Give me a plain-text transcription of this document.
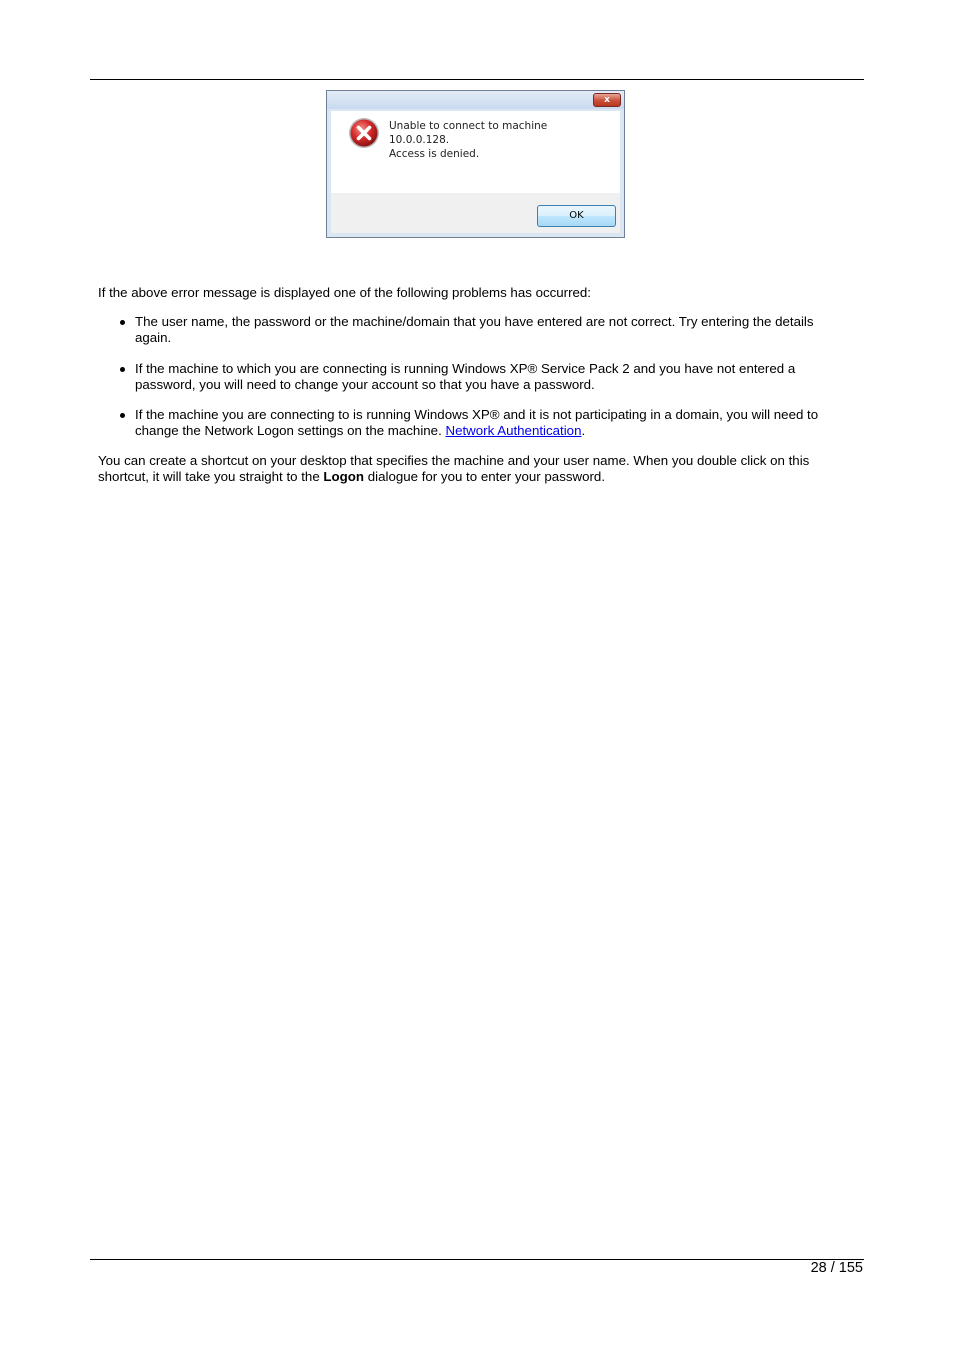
x
Unable to connect to machine 10.0.0.128.
Access is denied.
OK

If the above error message is displayed one of the following problems has occurred:

The user name, the password or the machine/domain that you have entered are not correct. Try entering the details again.
If the machine to which you are connecting is running Windows XP® Service Pack 2 and you have not entered a password, you will need to change your account so that you have a password.
If the machine you are connecting to is running Windows XP® and it is not participating in a domain, you will need to change the Network Logon settings on the machine. Network Authentication.

You can create a shortcut on your desktop that specifies the machine and your user name. When you double click on this shortcut, it will take you straight to the Logon dialogue for you to enter your password.

28 / 155
